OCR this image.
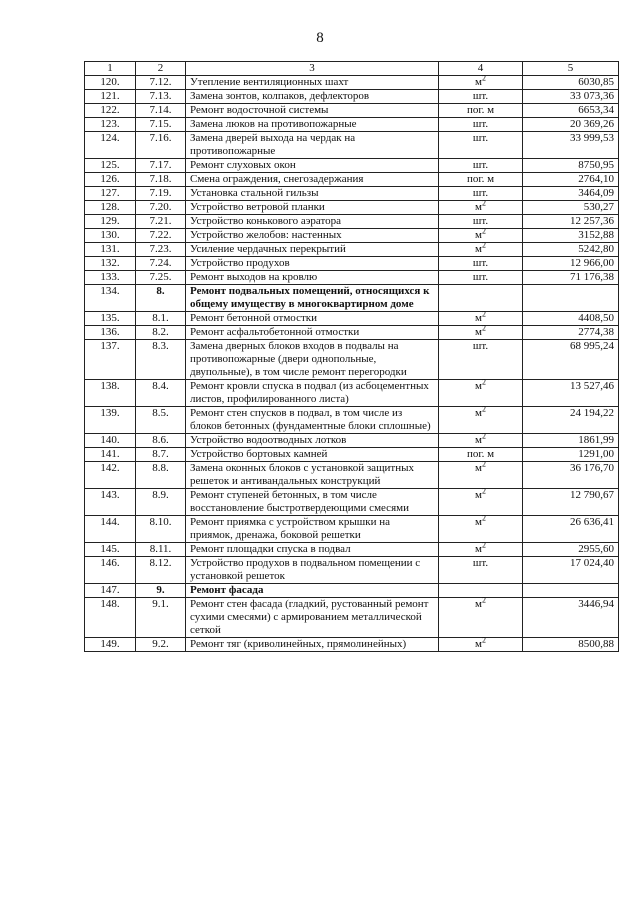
8
1	2	3	4	5
120.	7.12.	Утепление вентиляционных шахт	$м^2$	6030,85
121.	7.13.	Замена зонтов, колпаков, дефлекторов	шт.	33 073,36
122.	7.14.	Ремонт водосточной системы	пог. м	6653,34
123.	7.15.	Замена люков на противопожарные	шт.	20 369,26
124.	7.16.	Замена дверей выхода на чердак на противопожарные	шт.	33 999,53
125.	7.17.	Ремонт слуховых окон	шт.	8750,95
126.	7.18.	Смена ограждения, снегозадержания	пог. м	2764,10
127.	7.19.	Установка стальной гильзы	шт.	3464,09
128.	7.20.	Устройство ветровой планки	$м^2$	530,27
129.	7.21.	Устройство конькового аэратора	шт.	12 257,36
130.	7.22.	Устройство желобов: настенных	$м^2$	3152,88
131.	7.23.	Усиление чердачных перекрытий	$м^2$	5242,80
132.	7.24.	Устройство продухов	шт.	12 966,00
133.	7.25.	Ремонт выходов на кровлю	шт.	71 176,38
134.	8.	Ремонт подвальных помещений, относящихся к общему имуществу в многоквартирном доме		
135.	8.1.	Ремонт бетонной отмостки	$м^2$	4408,50
136.	8.2.	Ремонт асфальтобетонной отмостки	$м^2$	2774,38
137.	8.3.	Замена дверных блоков входов в подвалы на противопожарные (двери однопольные, двупольные), в том числе ремонт перегородки	шт.	68 995,24
138.	8.4.	Ремонт кровли спуска в подвал (из асбоцементных листов, профилированного листа)	$м^2$	13 527,46
139.	8.5.	Ремонт стен спусков в подвал, в том числе из блоков бетонных (фундаментные блоки сплошные)	$м^2$	24 194,22
140.	8.6.	Устройство водоотводных лотков	$м^2$	1861,99
141.	8.7.	Устройство бортовых камней	пог. м	1291,00
142.	8.8.	Замена оконных блоков с установкой защитных решеток и антивандальных конструкций	$м^2$	36 176,70
143.	8.9.	Ремонт ступеней бетонных, в том числе восстановление быстротвердеющими смесями	$м^2$	12 790,67
144.	8.10.	Ремонт приямка с устройством крышки на приямок, дренажа, боковой решетки	$м^2$	26 636,41
145.	8.11.	Ремонт площадки спуска в подвал	$м^2$	2955,60
146.	8.12.	Устройство продухов в подвальном помещении с установкой решеток	шт.	17 024,40
147.	9.	Ремонт фасада		
148.	9.1.	Ремонт стен фасада (гладкий, рустованный ремонт сухими смесями) с армированием металлической сеткой	$м^2$	3446,94
149.	9.2.	Ремонт тяг (криволинейных, прямолинейных)	$м^2$	8500,88
